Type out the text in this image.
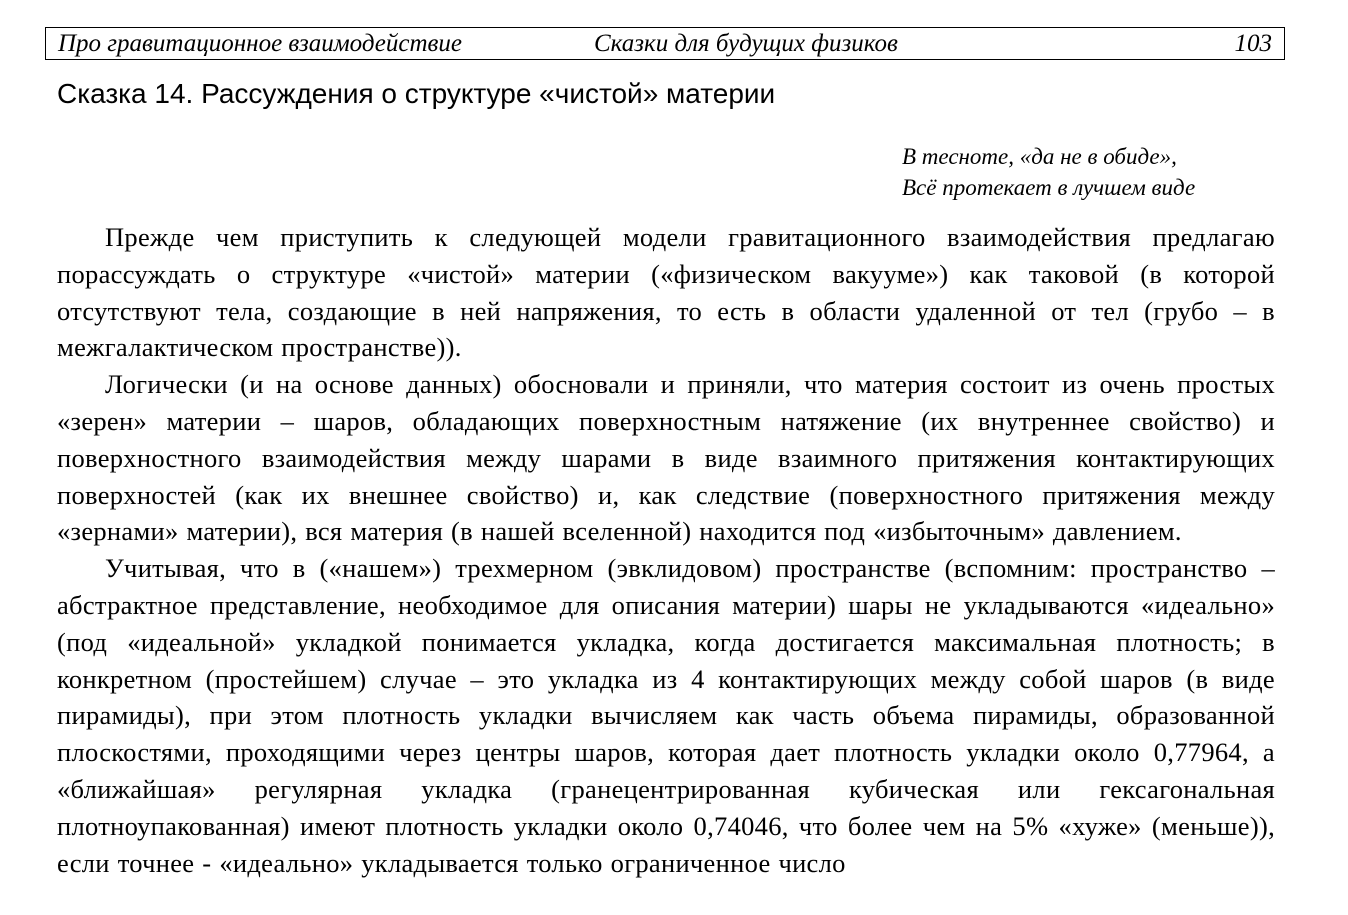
Про гравитационное взаимодействие	Сказки для будущих физиков	103
Сказка 14. Рассуждения о структуре «чистой» материи
В тесноте, «да не в обиде»,
Всё протекает в лучшем виде

Прежде чем приступить к следующей модели гравитационного взаимодействия предлагаю порассуждать о структуре «чистой» материи («физическом вакууме») как таковой (в которой отсутствуют тела, создающие в ней напряжения, то есть в области удаленной от тел (грубо – в межгалактическом пространстве)).

Логически (и на основе данных) обосновали и приняли, что материя состоит из очень простых «зерен» материи – шаров, обладающих поверхностным натяжение (их внутреннее свойство) и поверхностного взаимодействия между шарами в виде взаимного притяжения контактирующих поверхностей (как их внешнее свойство) и, как следствие (поверхностного притяжения между «зернами» материи), вся материя (в нашей вселенной) находится под «избыточным» давлением.

Учитывая, что в («нашем») трехмерном (эвклидовом) пространстве (вспомним: пространство – абстрактное представление, необходимое для описания материи) шары не укладываются «идеально» (под «идеальной» укладкой понимается укладка, когда достигается максимальная плотность; в конкретном (простейшем) случае – это укладка из 4 контактирующих между собой шаров (в виде пирамиды), при этом плотность укладки вычисляем как часть объема пирамиды, образованной плоскостями, проходящими через центры шаров, которая дает плотность укладки около 0,77964, а «ближайшая» регулярная укладка (гранецентрированная кубическая или гексагональная плотноупакованная) имеют плотность укладки около 0,74046, что более чем на 5% «хуже» (меньше)), если точнее - «идеально» укладывается только ограниченное число
